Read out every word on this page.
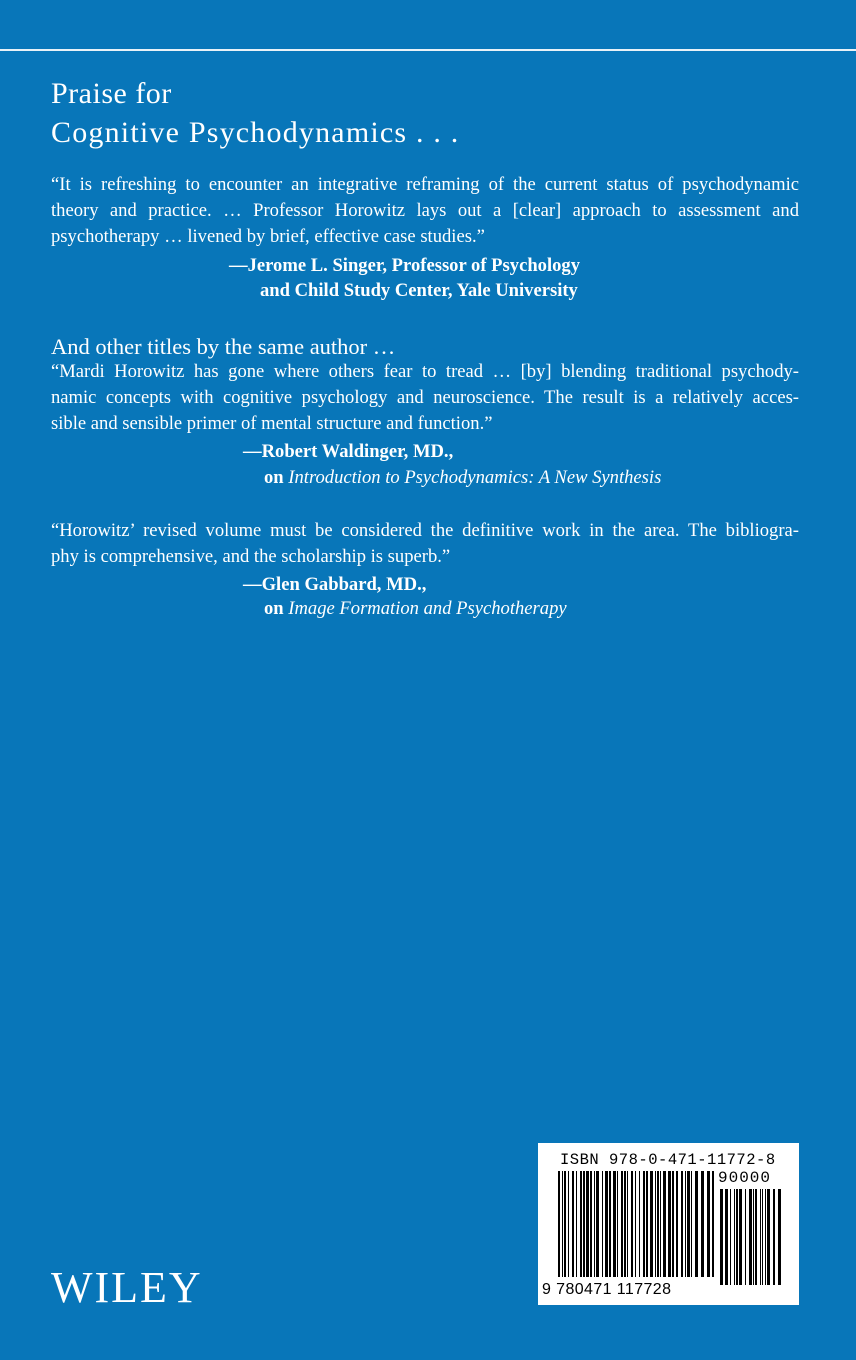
Praise for
Cognitive Psychodynamics . . .
“It is refreshing to encounter an integrative reframing of the current status of psychodynamic
theory and practice. … Professor Horowitz lays out a [clear] approach to assessment and
psychotherapy … livened by brief, effective case studies.”
—Jerome L. Singer, Professor of Psychology
and Child Study Center, Yale University
And other titles by the same author …
“Mardi Horowitz has gone where others fear to tread … [by] blending traditional psychody-
namic concepts with cognitive psychology and neuroscience. The result is a relatively acces-
sible and sensible primer of mental structure and function.”
—Robert Waldinger, MD.,
on Introduction to Psychodynamics: A New Synthesis
“Horowitz’ revised volume must be considered the definitive work in the area. The bibliogra-
phy is comprehensive, and the scholarship is superb.”
—Glen Gabbard, MD.,
on Image Formation and Psychotherapy
WILEY
ISBN 978-0-471-11772-8
90000
9 780471 117728
